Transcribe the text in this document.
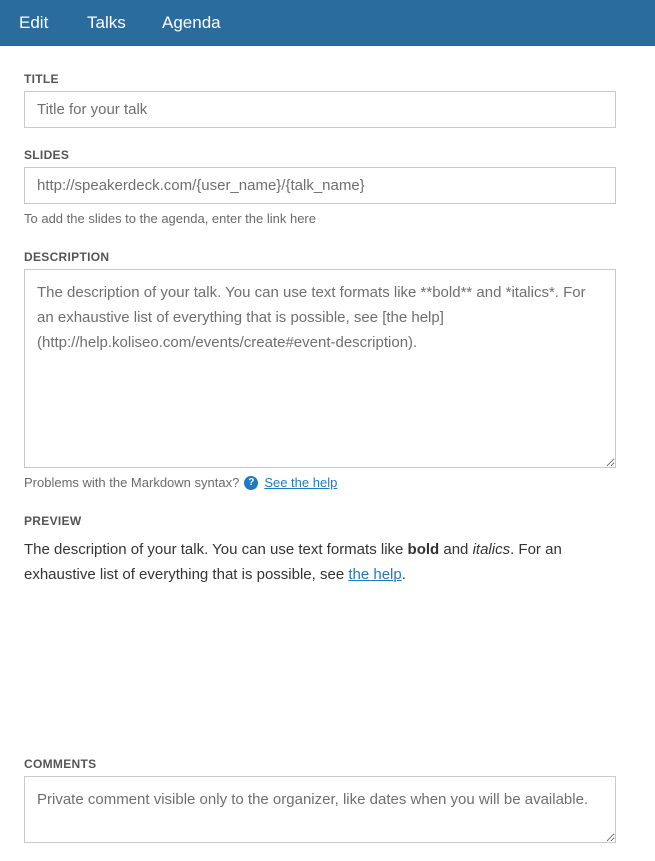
Edit Talks Agenda
TITLE
Title for your talk
SLIDES
http://speakerdeck.com/{user_name}/{talk_name}
To add the slides to the agenda, enter the link here
DESCRIPTION
The description of your talk. You can use text formats like **bold** and *italics*. For an exhaustive list of everything that is possible, see [the help](http://help.koliseo.com/events/create#event-description).
Problems with the Markdown syntax? ? See the help
PREVIEW
The description of your talk. You can use text formats like bold and italics. For an exhaustive list of everything that is possible, see the help.
COMMENTS
Private comment visible only to the organizer, like dates when you will be available.
